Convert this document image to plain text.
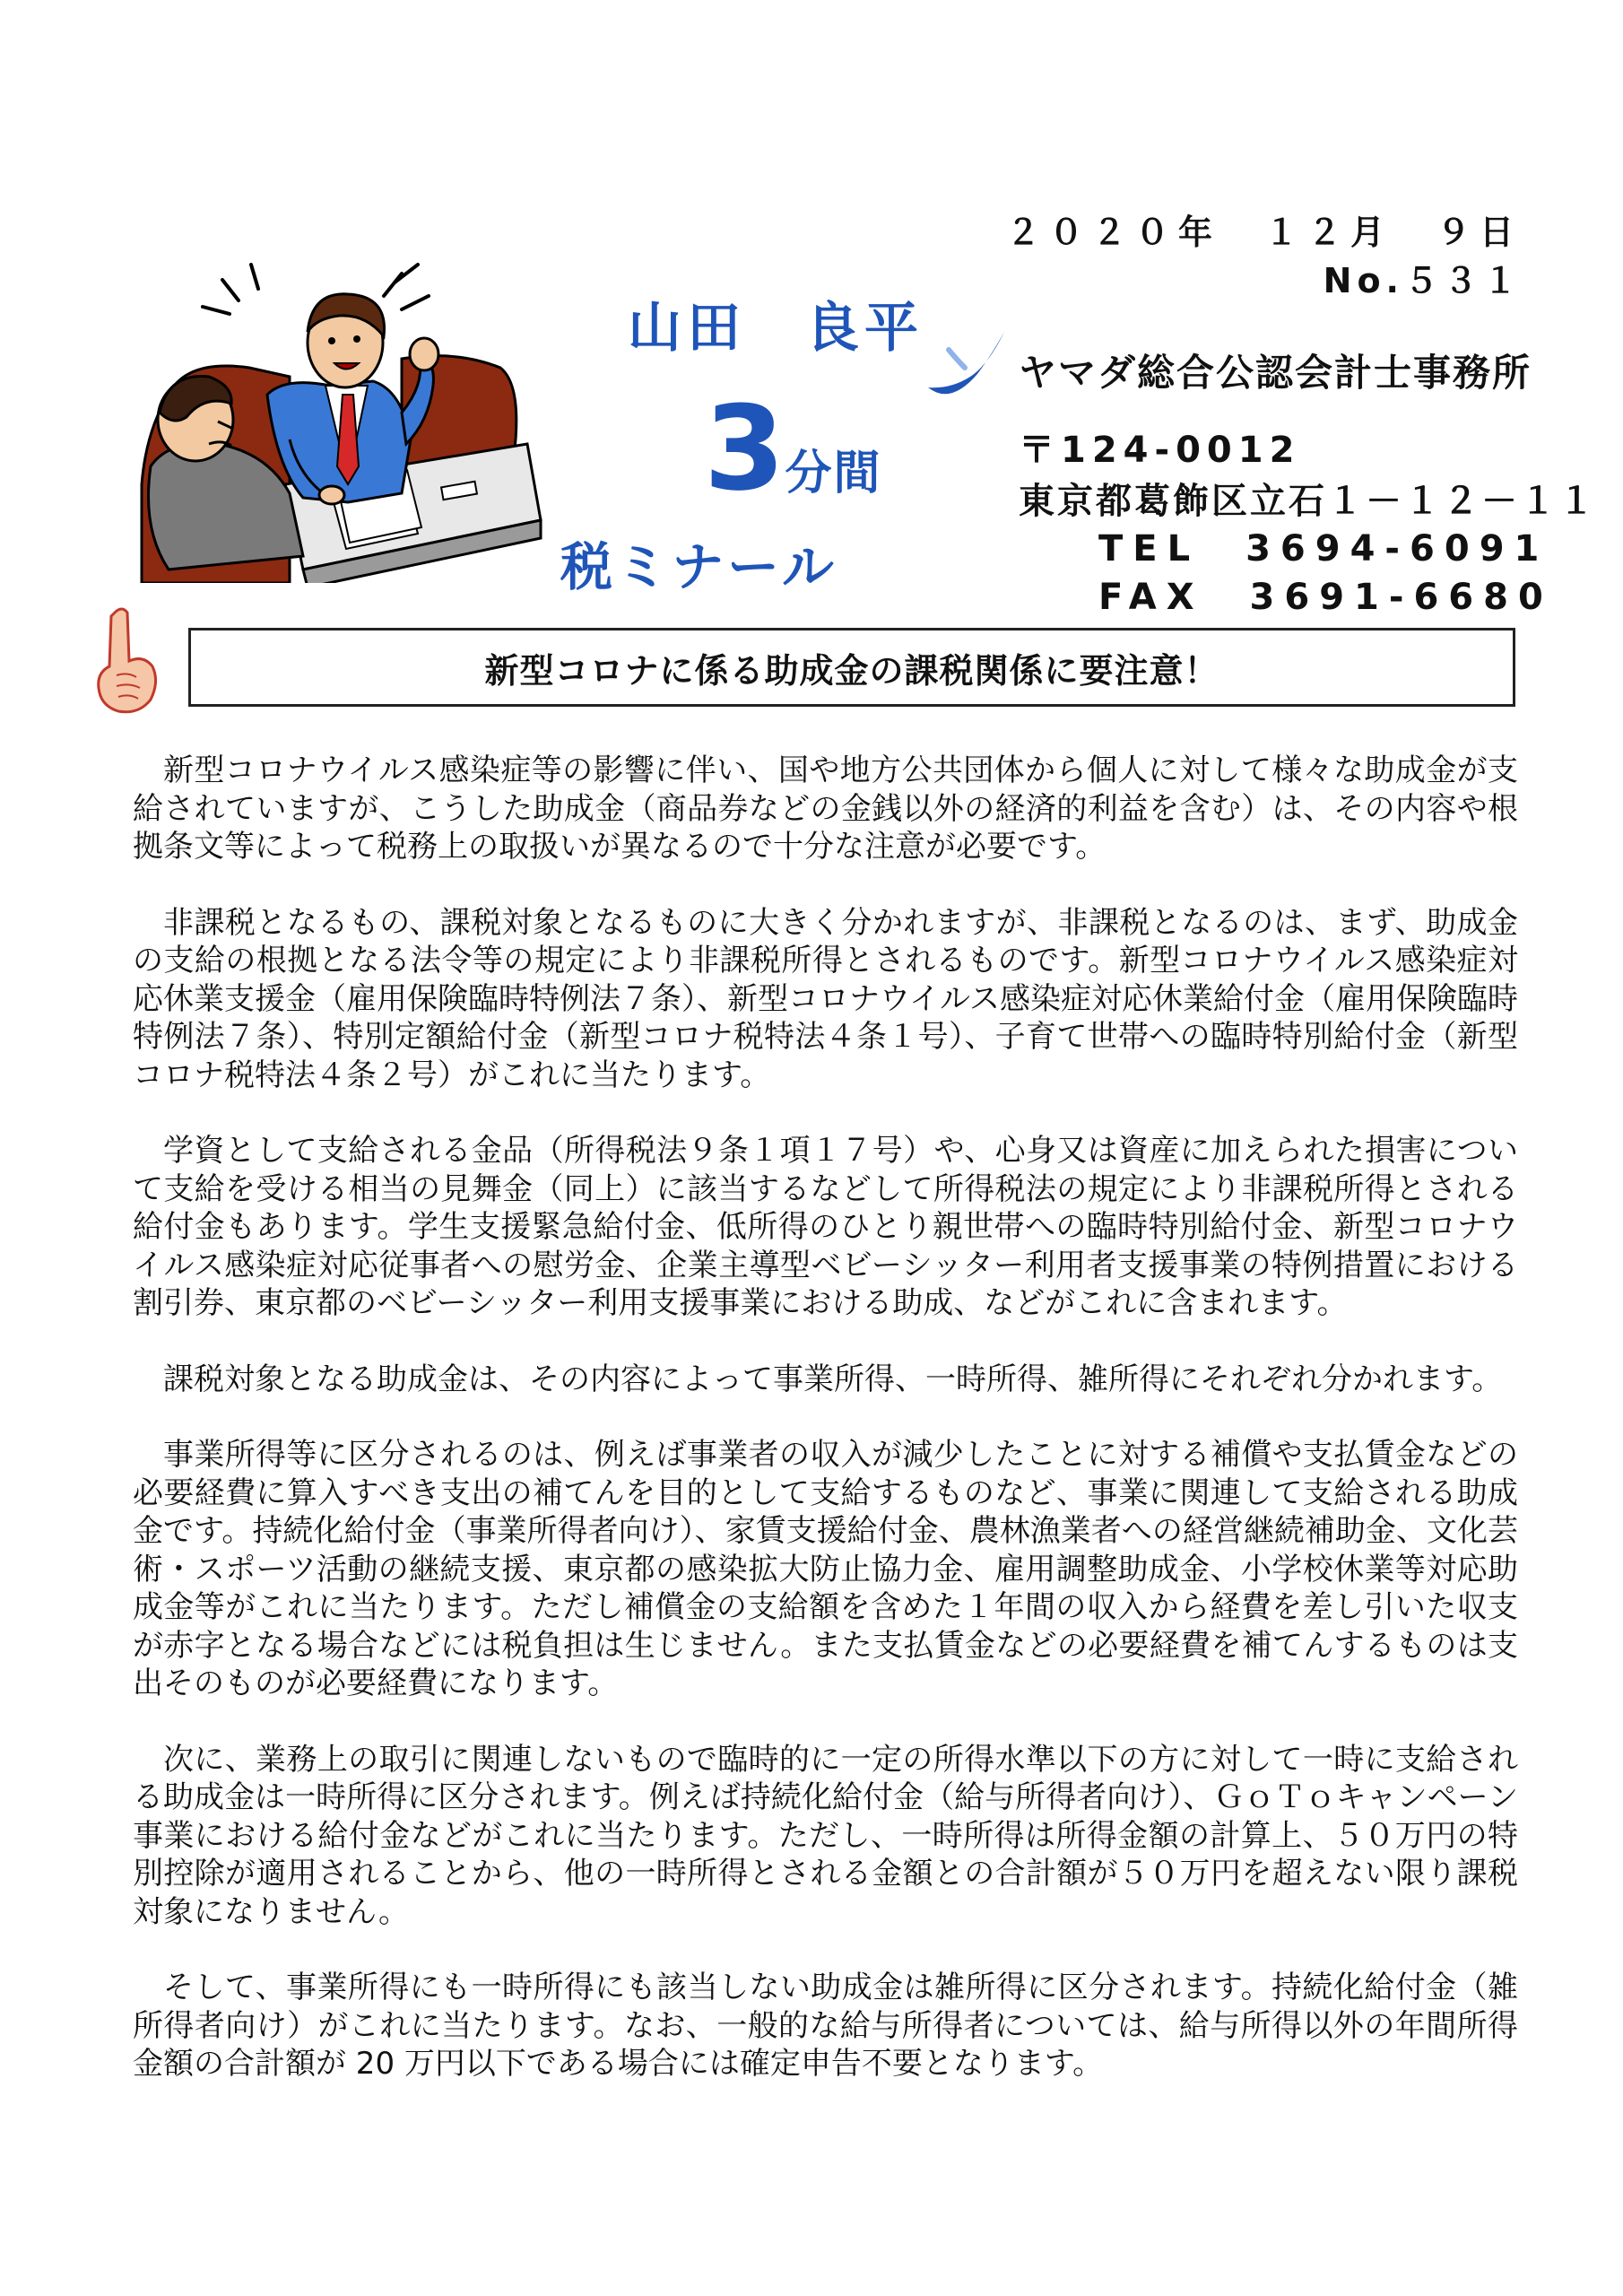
山田　良平
3分間
税ミナール
２０２０年　１２月　９日
No.５３１
ヤマダ総合公認会計士事務所
〒124-0012
東京都葛飾区立石１－１２－１１
TEL　3694-6091
FAX　3691-6680
新型コロナに係る助成金の課税関係に要注意！

新型コロナウイルス感染症等の影響に伴い、国や地方公共団体から個人に対して様々な助成金が支給されていますが、こうした助成金（商品券などの金銭以外の経済的利益を含む）は、その内容や根拠条文等によって税務上の取扱いが異なるので十分な注意が必要です。

非課税となるもの、課税対象となるものに大きく分かれますが、非課税となるのは、まず、助成金の支給の根拠となる法令等の規定により非課税所得とされるものです。新型コロナウイルス感染症対応休業支援金（雇用保険臨時特例法７条）、新型コロナウイルス感染症対応休業給付金（雇用保険臨時特例法７条）、特別定額給付金（新型コロナ税特法４条１号）、子育て世帯への臨時特別給付金（新型コロナ税特法４条２号）がこれに当たります。

学資として支給される金品（所得税法９条１項１７号）や、心身又は資産に加えられた損害について支給を受ける相当の見舞金（同上）に該当するなどして所得税法の規定により非課税所得とされる給付金もあります。学生支援緊急給付金、低所得のひとり親世帯への臨時特別給付金、新型コロナウイルス感染症対応従事者への慰労金、企業主導型ベビーシッター利用者支援事業の特例措置における割引券、東京都のベビーシッター利用支援事業における助成、などがこれに含まれます。

課税対象となる助成金は、その内容によって事業所得、一時所得、雑所得にそれぞれ分かれます。

事業所得等に区分されるのは、例えば事業者の収入が減少したことに対する補償や支払賃金などの必要経費に算入すべき支出の補てんを目的として支給するものなど、事業に関連して支給される助成金です。持続化給付金（事業所得者向け）、家賃支援給付金、農林漁業者への経営継続補助金、文化芸術・スポーツ活動の継続支援、東京都の感染拡大防止協力金、雇用調整助成金、小学校休業等対応助成金等がこれに当たります。ただし補償金の支給額を含めた１年間の収入から経費を差し引いた収支が赤字となる場合などには税負担は生じません。また支払賃金などの必要経費を補てんするものは支出そのものが必要経費になります。

次に、業務上の取引に関連しないもので臨時的に一定の所得水準以下の方に対して一時に支給される助成金は一時所得に区分されます。例えば持続化給付金（給与所得者向け）、ＧｏＴｏキャンペーン事業における給付金などがこれに当たります。ただし、一時所得は所得金額の計算上、５０万円の特別控除が適用されることから、他の一時所得とされる金額との合計額が５０万円を超えない限り課税対象になりません。

そして、事業所得にも一時所得にも該当しない助成金は雑所得に区分されます。持続化給付金（雑所得者向け）がこれに当たります。なお、一般的な給与所得者については、給与所得以外の年間所得金額の合計額が 20 万円以下である場合には確定申告不要となります。
